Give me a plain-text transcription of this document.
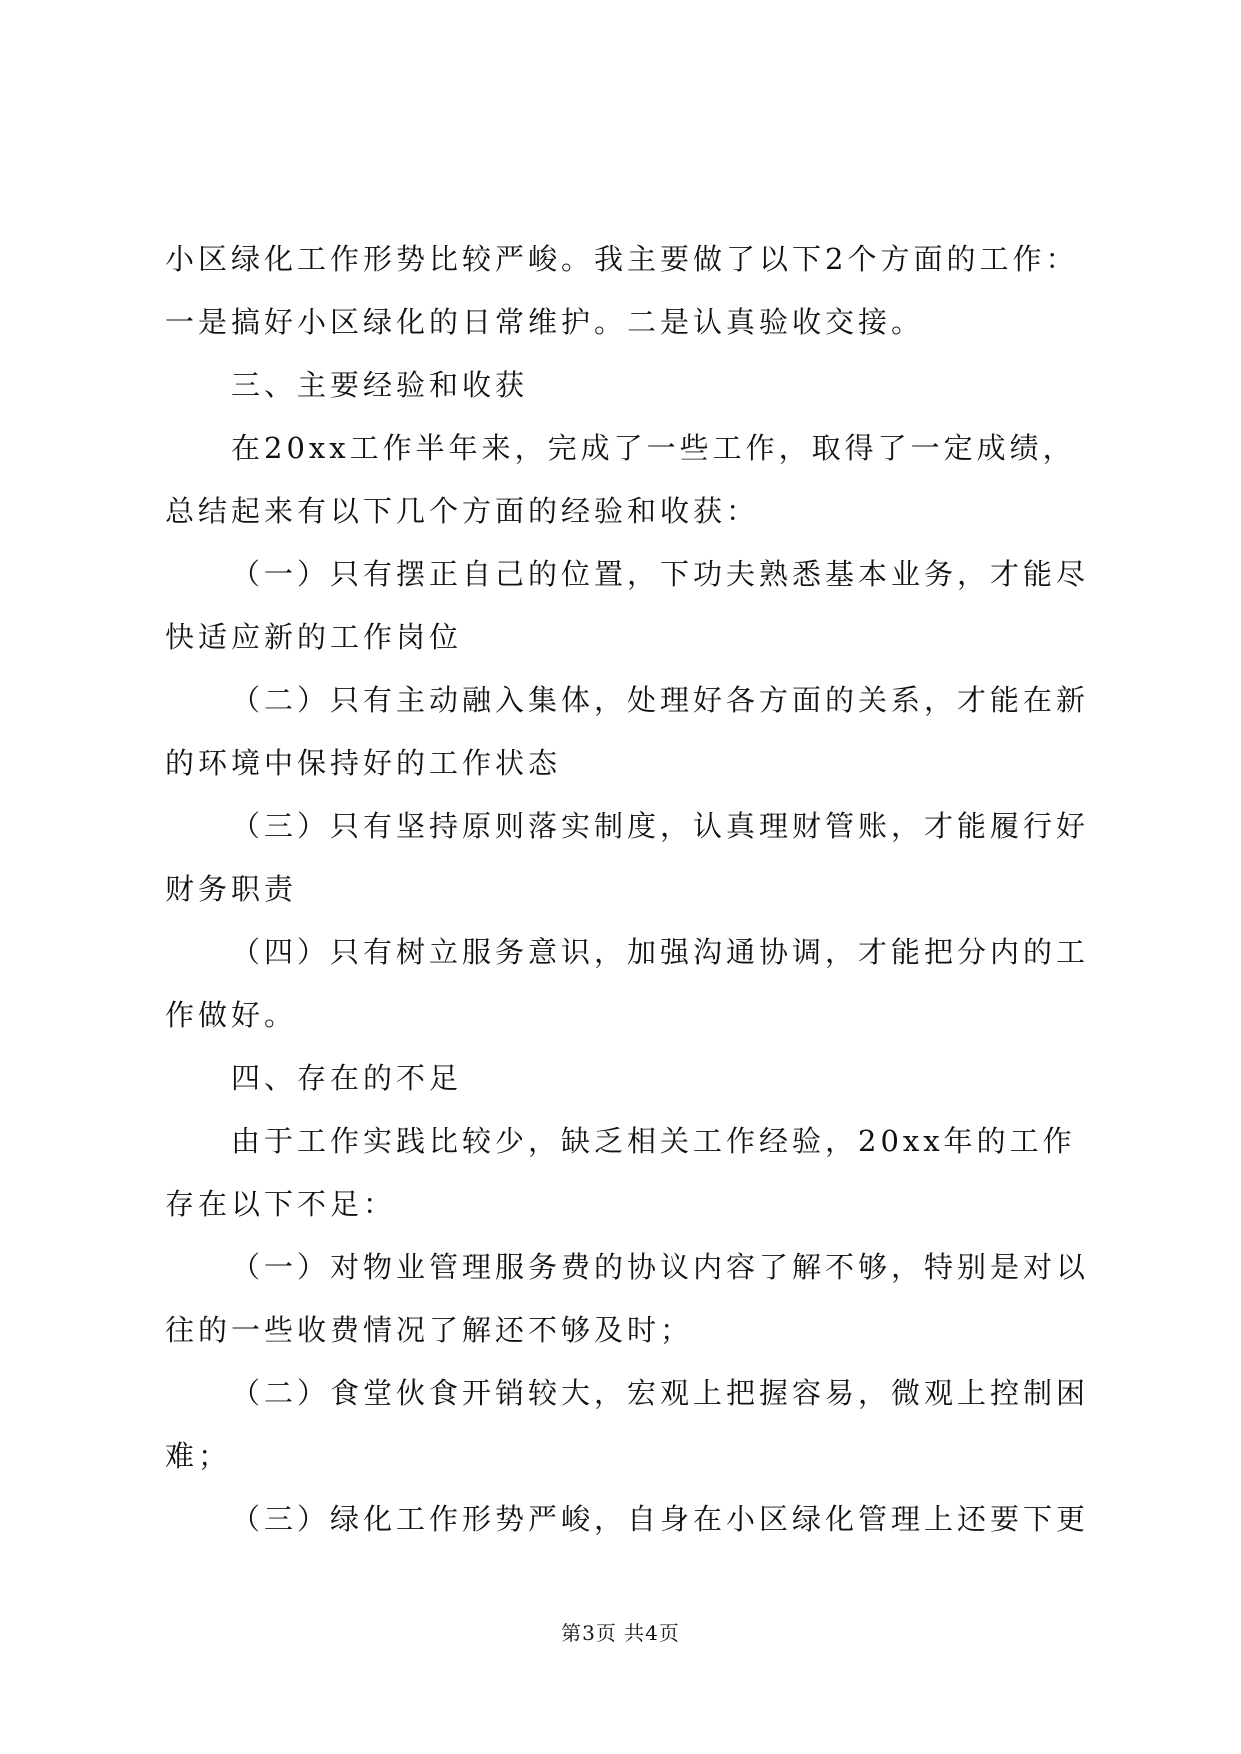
小区绿化工作形势比较严峻。我主要做了以下2个方面的工作：
一是搞好小区绿化的日常维护。二是认真验收交接。
三、主要经验和收获
在20xx工作半年来，完成了一些工作，取得了一定成绩，
总结起来有以下几个方面的经验和收获：
（一）只有摆正自己的位置，下功夫熟悉基本业务，才能尽
快适应新的工作岗位
（二）只有主动融入集体，处理好各方面的关系，才能在新
的环境中保持好的工作状态
（三）只有坚持原则落实制度，认真理财管账，才能履行好
财务职责
（四）只有树立服务意识，加强沟通协调，才能把分内的工
作做好。
四、存在的不足
由于工作实践比较少，缺乏相关工作经验，20xx年的工作
存在以下不足：
（一）对物业管理服务费的协议内容了解不够，特别是对以
往的一些收费情况了解还不够及时；
（二）食堂伙食开销较大，宏观上把握容易，微观上控制困
难；
（三）绿化工作形势严峻，自身在小区绿化管理上还要下更
第3页 共4页
